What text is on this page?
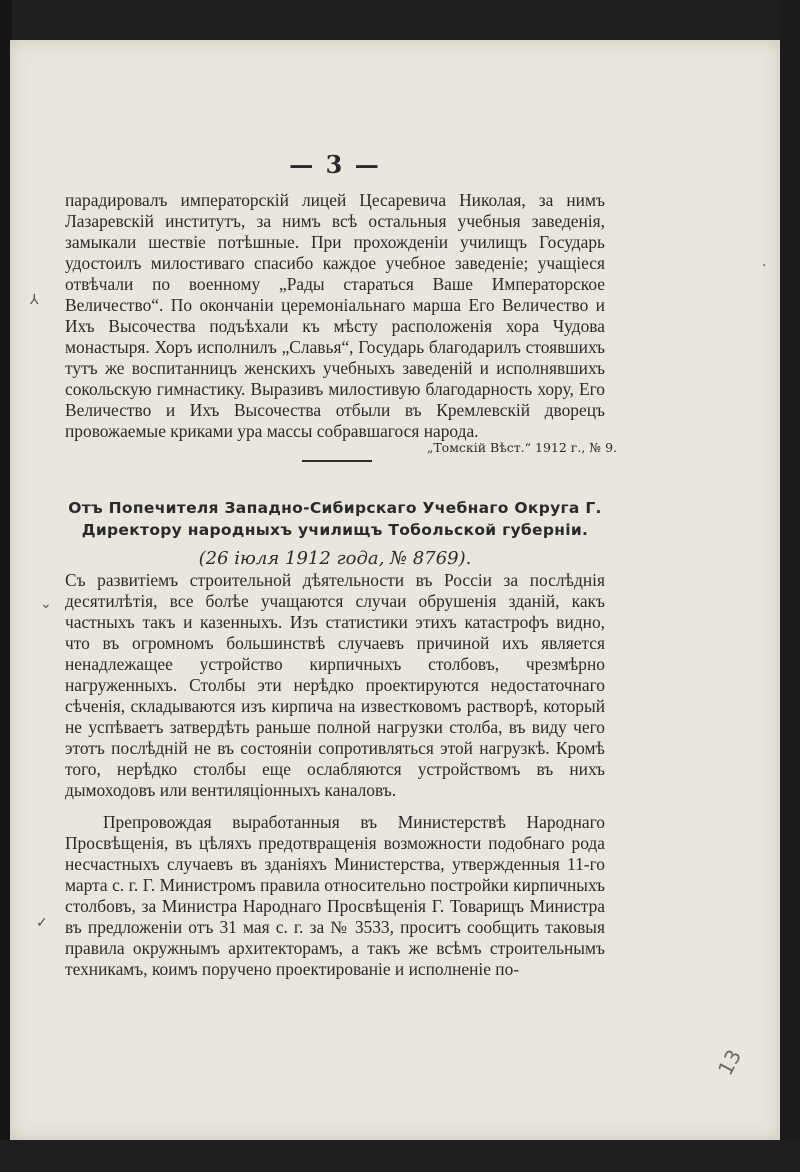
— 3 —

парадировалъ императорскій лицей Цесаревича Николая, за нимъ Лазаревскій институтъ, за нимъ всѣ остальныя учебныя заведенія, замыкали шествіе потѣшные. При прохожденіи училищъ Государь удостоилъ милостиваго спасибо каждое учебное заведеніе; учащіеся отвѣчали по военному „Рады стараться Ваше Императорское Величество“. По окончаніи церемоніальнаго марша Его Величество и Ихъ Высочества подъѣхали къ мѣсту расположенія хора Чудова монастыря. Хоръ исполнилъ „Славья“, Государь благодарилъ стоявшихъ тутъ же воспитанницъ женскихъ учебныхъ заведеній и исполнявшихъ сокольскую гимнастику. Выразивъ милостивую благодарность хору, Его Величество и Ихъ Высочества отбыли въ Кремлевскій дворецъ провожаемые криками ура массы собравшагося народа.

„Томскій Вѣст.“ 1912 г., № 9.

Отъ Попечителя Западно-Сибирскаго Учебнаго Округа Г. Директору народныхъ училищъ Тобольской губерніи.

(26 іюля 1912 года, № 8769).

Съ развитіемъ строительной дѣятельности въ Россіи за послѣднія десятилѣтія, все болѣе учащаются случаи обрушенія зданій, какъ частныхъ такъ и казенныхъ. Изъ статистики этихъ катастрофъ видно, что въ огромномъ большинствѣ случаевъ причиной ихъ является ненадлежащее устройство кирпичныхъ столбовъ, чрезмѣрно нагруженныхъ. Столбы эти нерѣдко проектируются недостаточнаго сѣченія, складываются изъ кирпича на известковомъ растворѣ, который не успѣваетъ затвердѣть раньше полной нагрузки столба, въ виду чего этотъ послѣдній не въ состояніи сопротивляться этой нагрузкѣ. Кромѣ того, нерѣдко столбы еще ослабляются устройствомъ въ нихъ дымоходовъ или вентиляціонныхъ каналовъ.

Препровождая выработанныя въ Министерствѣ Народнаго Просвѣщенія, въ цѣляхъ предотвращенія возможности подобнаго рода несчастныхъ случаевъ въ зданіяхъ Министерства, утвержденныя 11-го марта с. г. Г. Министромъ правила относительно постройки кирпичныхъ столбовъ, за Министра Народнаго Просвѣщенія Г. Товарищъ Министра въ предложеніи отъ 31 мая с. г. за № 3533, проситъ сообщить таковыя правила окружнымъ архитекторамъ, а такъ же всѣмъ строительнымъ техникамъ, коимъ поручено проектированіе и исполненіе по-

⅄
⌄
✓
·
13
